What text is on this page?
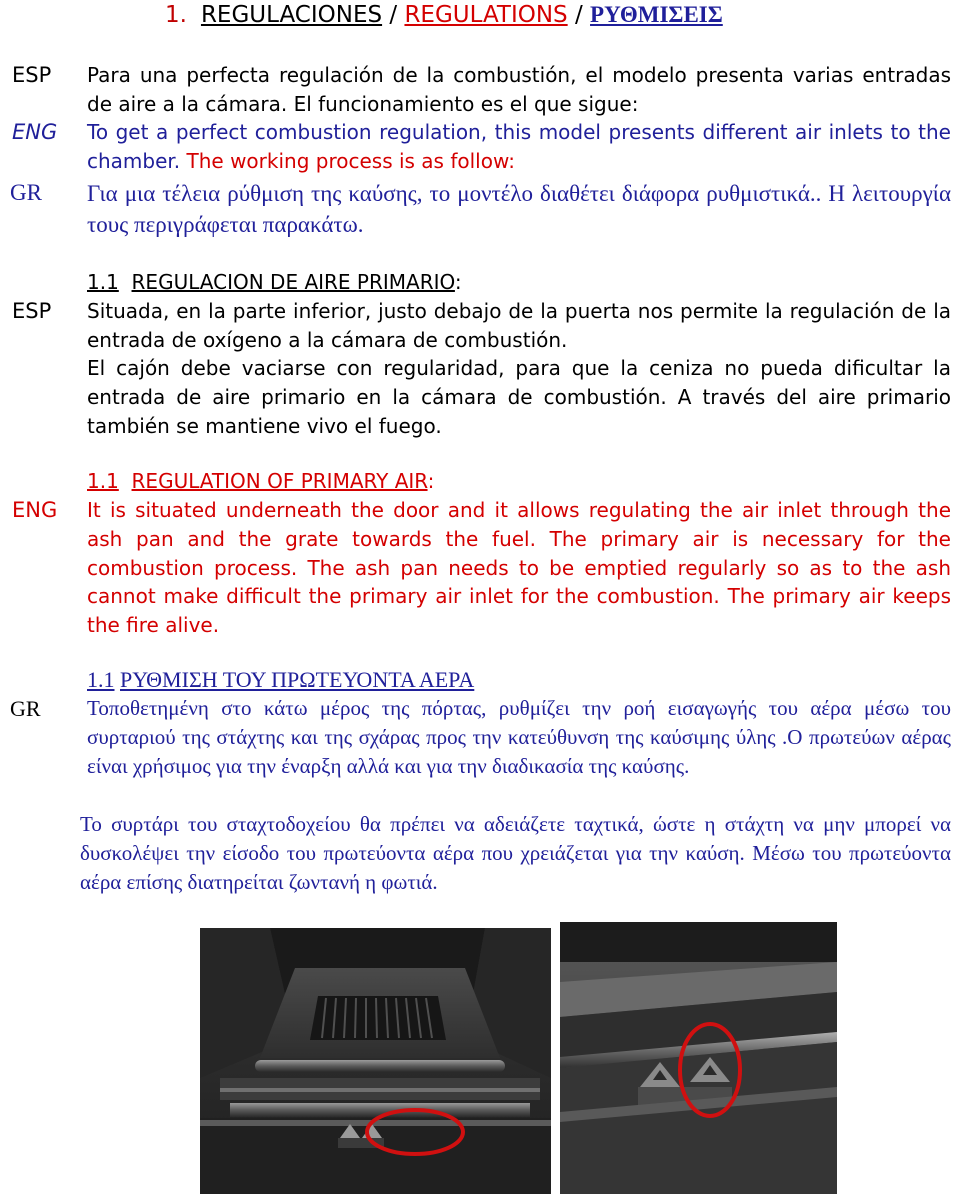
1. REGULACIONES / REGULATIONS / ΡΥΘΜΙΣΕΙΣ
ESP Para una perfecta regulación de la combustión, el modelo presenta varias entradas de aire a la cámara. El funcionamiento es el que sigue:
ENG To get a perfect combustion regulation, this model presents different air inlets to the chamber. The working process is as follow:
GR Για μια τέλεια ρύθμιση της καύσης, το μοντέλο διαθέτει διάφορα ρυθμιστικά.. Η λειτουργία τους περιγράφεται παρακάτω.
1.1 REGULACION DE AIRE PRIMARIO:
ESP Situada, en la parte inferior, justo debajo de la puerta nos permite la regulación de la entrada de oxígeno a la cámara de combustión.
El cajón debe vaciarse con regularidad, para que la ceniza no pueda dificultar la entrada de aire primario en la cámara de combustión. A través del aire primario también se mantiene vivo el fuego.
1.1 REGULATION OF PRIMARY AIR:
ENG It is situated underneath the door and it allows regulating the air inlet through the ash pan and the grate towards the fuel. The primary air is necessary for the combustion process. The ash pan needs to be emptied regularly so as to the ash cannot make difficult the primary air inlet for the combustion. The primary air keeps the fire alive.
1.1 ΡΥΘΜΙΣΗ ΤΟΥ ΠΡΩΤΕΥΟΝΤΑ ΑΕΡΑ
GR Τοποθετημένη στο κάτω μέρος της πόρτας, ρυθμίζει την ροή εισαγωγής του αέρα μέσω του συρταριού της στάχτης και της σχάρας προς την κατεύθυνση της καύσιμης ύλης .Ο πρωτεύων αέρας είναι χρήσιμος για την έναρξη αλλά και για την διαδικασία της καύσης.
Το συρτάρι του σταχτοδοχείου θα πρέπει να αδειάζετε ταχτικά, ώστε η στάχτη να μην μπορεί να δυσκολέψει την είσοδο του πρωτεύοντα αέρα που χρειάζεται για την καύση. Μέσω του πρωτεύοντα αέρα επίσης διατηρείται ζωντανή η φωτιά.
